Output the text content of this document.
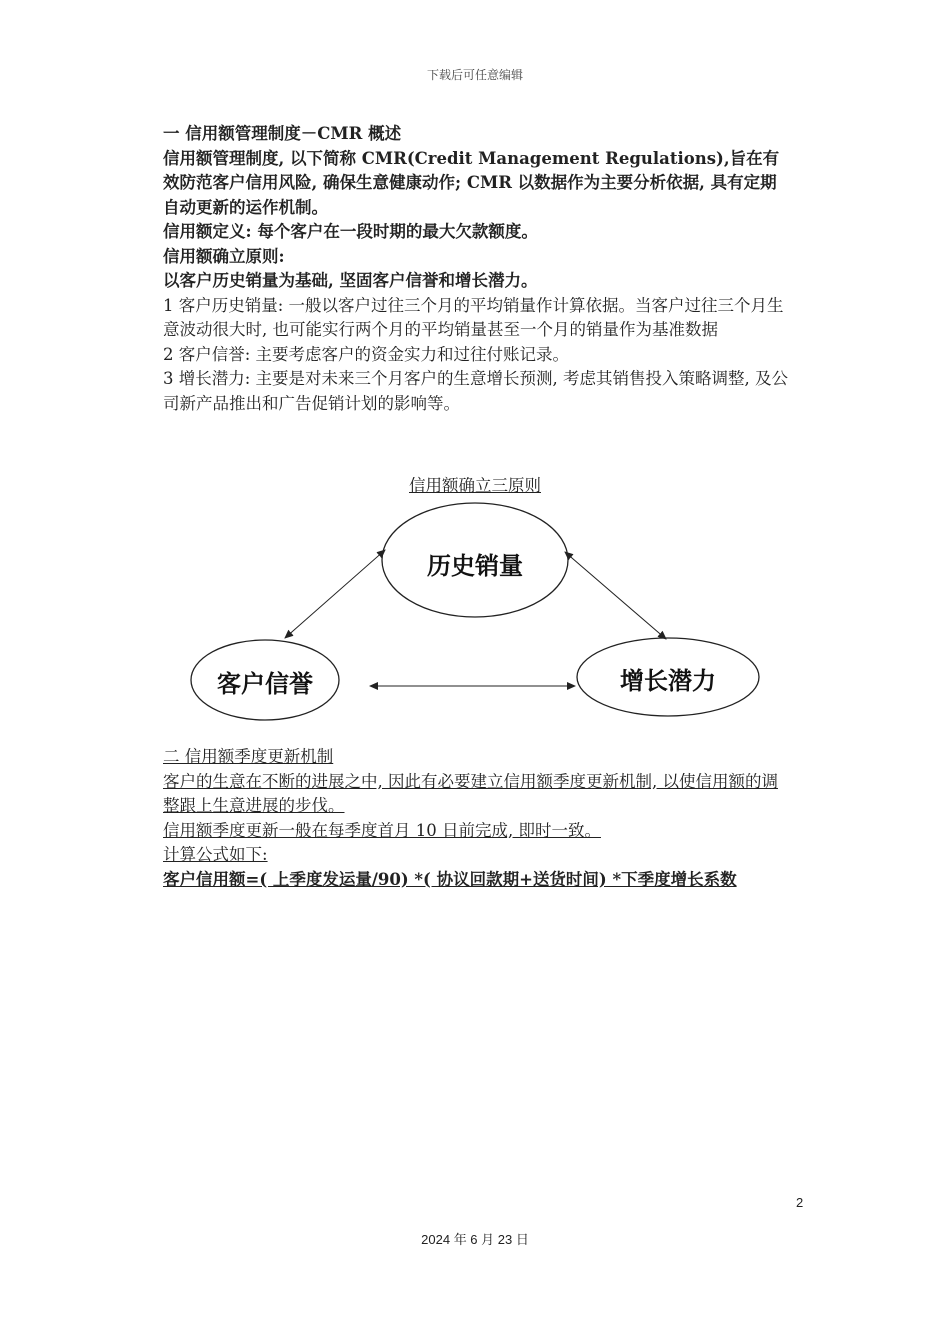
下载后可任意编辑

一 信用额管理制度－CMR 概述

信用额管理制度, 以下简称 CMR(Credit Management Regulations),旨在有效防范客户信用风险, 确保生意健康动作; CMR 以数据作为主要分析依据, 具有定期自动更新的运作机制。

信用额定义: 每个客户在一段时期的最大欠款额度。

信用额确立原则:

以客户历史销量为基础, 坚固客户信誉和增长潜力。

1 客户历史销量: 一般以客户过往三个月的平均销量作计算依据。当客户过往三个月生意波动很大时, 也可能实行两个月的平均销量甚至一个月的销量作为基准数据

2 客户信誉: 主要考虑客户的资金实力和过往付账记录。

3 增长潜力: 主要是对未来三个月客户的生意增长预测, 考虑其销售投入策略调整, 及公司新产品推出和广告促销计划的影响等。

信用额确立三原则
历史销量
客户信誉	增长潜力

二 信用额季度更新机制

客户的生意在不断的进展之中, 因此有必要建立信用额季度更新机制, 以使信用额的调整跟上生意进展的步伐。

信用额季度更新一般在每季度首月 10 日前完成, 即时一致。

计算公式如下:

客户信用额=( 上季度发运量/90) *( 协议回款期+送货时间) *下季度增长系数

2
2024 年 6 月 23 日
